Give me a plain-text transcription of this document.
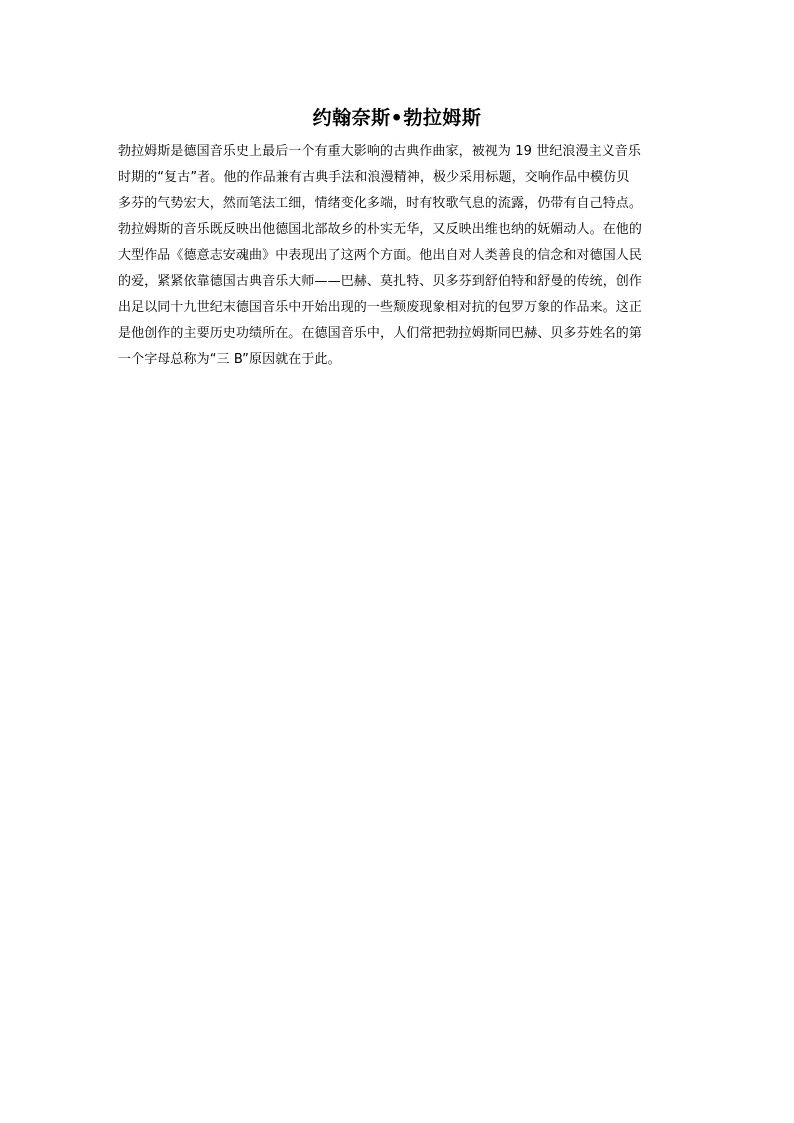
约翰奈斯•勃拉姆斯
勃拉姆斯是德国音乐史上最后一个有重大影响的古典作曲家，被视为 19 世纪浪漫主义音乐
时期的“复古”者。他的作品兼有古典手法和浪漫精神，极少采用标题，交响作品中模仿贝
多芬的气势宏大，然而笔法工细，情绪变化多端，时有牧歌气息的流露，仍带有自己特点。
勃拉姆斯的音乐既反映出他德国北部故乡的朴实无华，又反映出维也纳的妩媚动人。在他的
大型作品《德意志安魂曲》中表现出了这两个方面。他出自对人类善良的信念和对德国人民
的爱，紧紧依靠德国古典音乐大师——巴赫、莫扎特、贝多芬到舒伯特和舒曼的传统，创作
出足以同十九世纪末德国音乐中开始出现的一些颓废现象相对抗的包罗万象的作品来。这正
是他创作的主要历史功绩所在。在德国音乐中，人们常把勃拉姆斯同巴赫、贝多芬姓名的第
一个字母总称为“三 B”原因就在于此。
